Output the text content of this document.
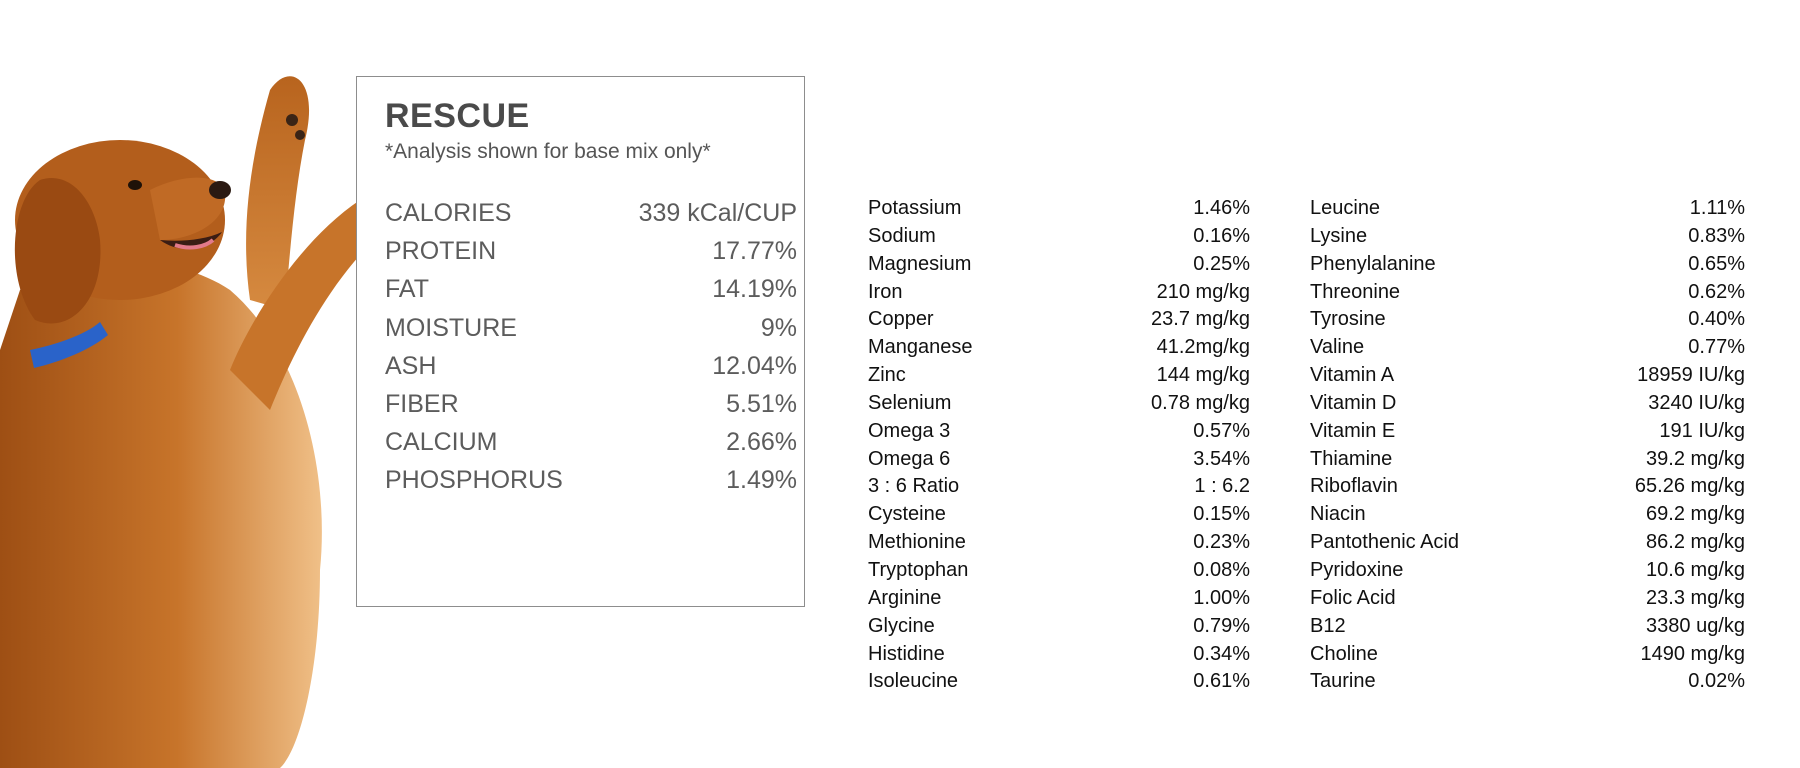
RESCUE
*Analysis shown for base mix only*
CALORIES	339 kCal/CUP
PROTEIN	17.77%
FAT	14.19%
MOISTURE	9%
ASH	12.04%
FIBER	5.51%
CALCIUM	2.66%
PHOSPHORUS	1.49%
Potassium	1.46%
Sodium	0.16%
Magnesium	0.25%
Iron	210 mg/kg
Copper	23.7 mg/kg
Manganese	41.2mg/kg
Zinc	144 mg/kg
Selenium	0.78 mg/kg
Omega 3	0.57%
Omega 6	3.54%
3 : 6 Ratio	1 : 6.2
Cysteine	0.15%
Methionine	0.23%
Tryptophan	0.08%
Arginine	1.00%
Glycine	0.79%
Histidine	0.34%
Isoleucine	0.61%
Leucine	1.11%
Lysine	0.83%
Phenylalanine	0.65%
Threonine	0.62%
Tyrosine	0.40%
Valine	0.77%
Vitamin A	18959 IU/kg
Vitamin D	3240 IU/kg
Vitamin E	191 IU/kg
Thiamine	39.2 mg/kg
Riboflavin	65.26 mg/kg
Niacin	69.2 mg/kg
Pantothenic Acid	86.2 mg/kg
Pyridoxine	10.6 mg/kg
Folic Acid	23.3 mg/kg
B12	3380 ug/kg
Choline	1490 mg/kg
Taurine	0.02%
